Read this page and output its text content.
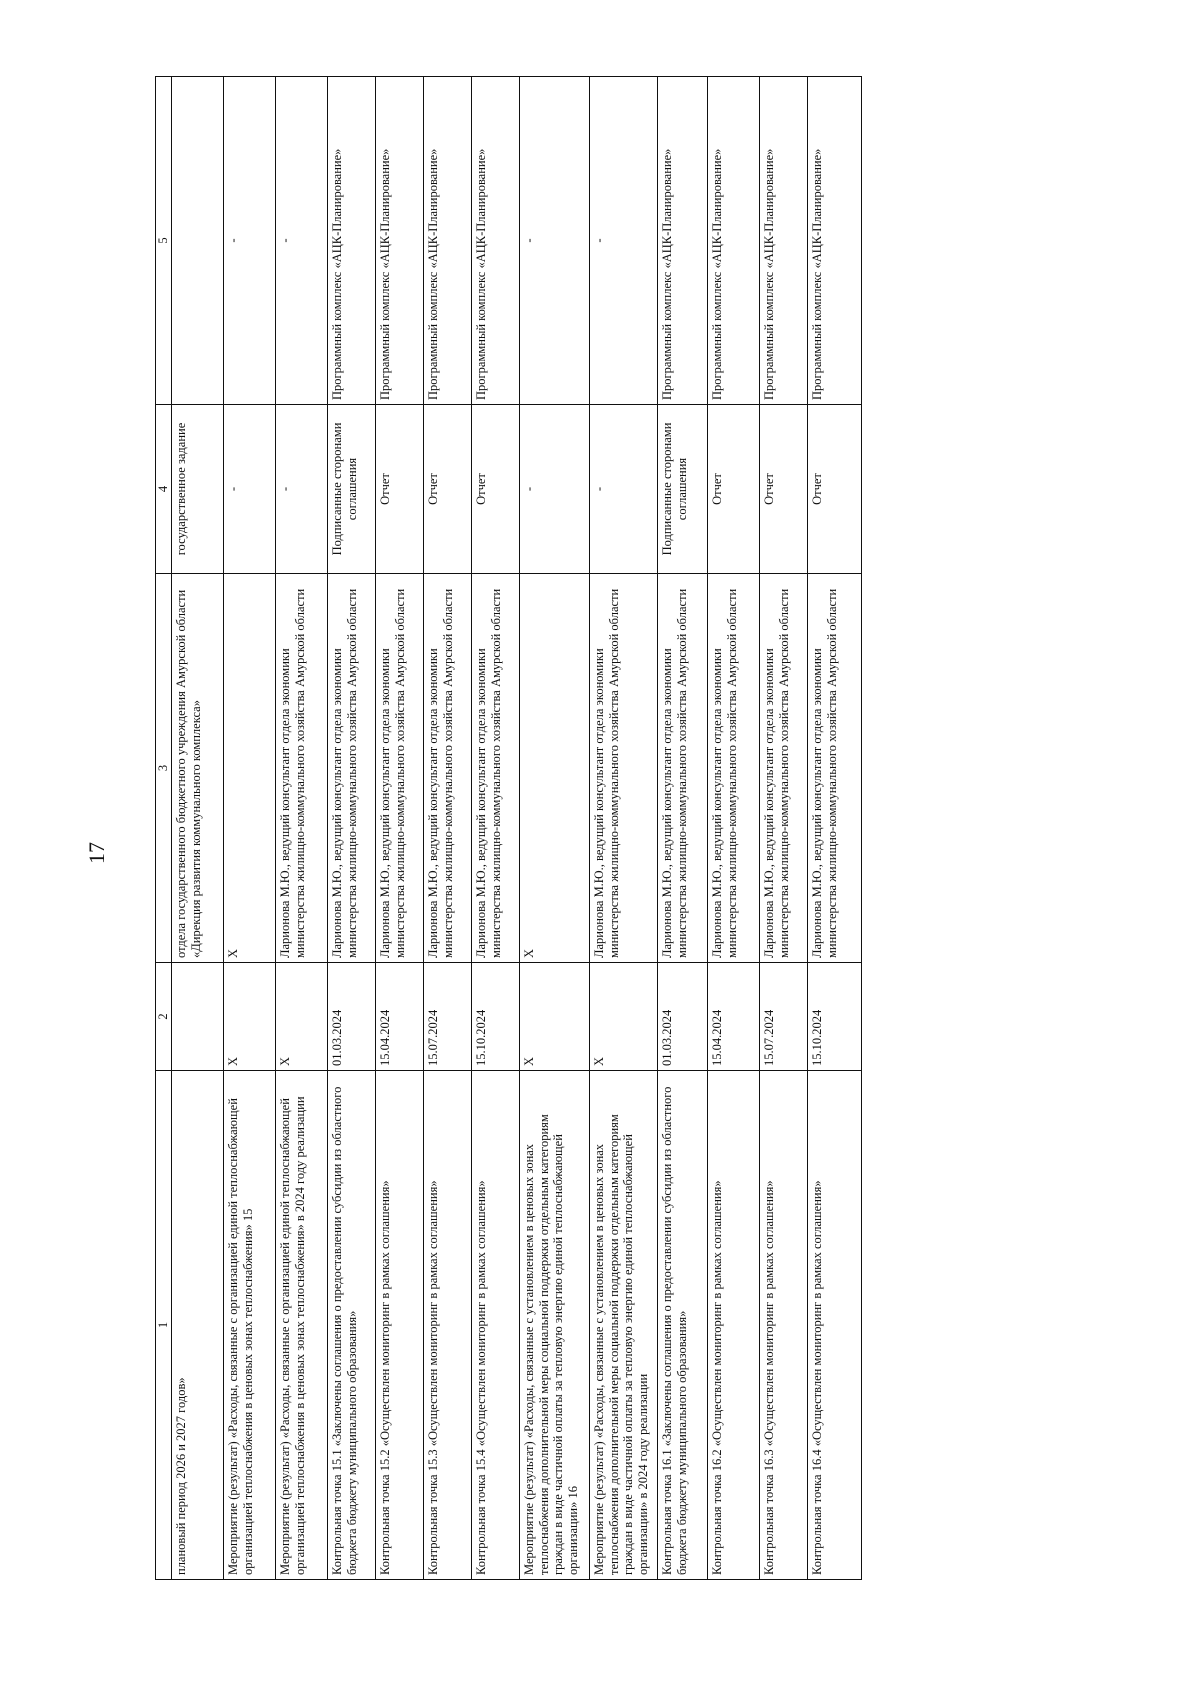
17
1	2	3	4	5
плановый период 2026 и 2027 годов»		отдела государственного бюджетного учреждения Амурской области «Дирекция развития коммунального комплекса»	государственное задание	
Мероприятие (результат) «Расходы, связанные с организацией единой теплоснабжающей организацией теплоснабжения в ценовых зонах теплоснабжения» 15	X	X	-	-
Мероприятие (результат) «Расходы, связанные с организацией единой теплоснабжающей организацией теплоснабжения в ценовых зонах теплоснабжения» в 2024 году реализации	X	Ларионова М.Ю., ведущий консультант отдела экономики министерства жилищно-коммунального хозяйства Амурской области	-	-
Контрольная точка 15.1 «Заключены соглашения о предоставлении субсидии из областного бюджета бюджету муниципального образования»	01.03.2024	Ларионова М.Ю., ведущий консультант отдела экономики министерства жилищно-коммунального хозяйства Амурской области	Подписанные сторонами соглашения	Программный комплекс «АЦК-Планирование»
Контрольная точка 15.2 «Осуществлен мониторинг в рамках соглашения»	15.04.2024	Ларионова М.Ю., ведущий консультант отдела экономики министерства жилищно-коммунального хозяйства Амурской области	Отчет	Программный комплекс «АЦК-Планирование»
Контрольная точка 15.3 «Осуществлен мониторинг в рамках соглашения»	15.07.2024	Ларионова М.Ю., ведущий консультант отдела экономики министерства жилищно-коммунального хозяйства Амурской области	Отчет	Программный комплекс «АЦК-Планирование»
Контрольная точка 15.4 «Осуществлен мониторинг в рамках соглашения»	15.10.2024	Ларионова М.Ю., ведущий консультант отдела экономики министерства жилищно-коммунального хозяйства Амурской области	Отчет	Программный комплекс «АЦК-Планирование»
Мероприятие (результат) «Расходы, связанные с установлением в ценовых зонах теплоснабжения дополнительной меры социальной поддержки отдельным категориям граждан в виде частичной оплаты за тепловую энергию единой теплоснабжающей организации» 16	X	X	-	-
Мероприятие (результат) «Расходы, связанные с установлением в ценовых зонах теплоснабжения дополнительной меры социальной поддержки отдельным категориям граждан в виде частичной оплаты за тепловую энергию единой теплоснабжающей организации» в 2024 году реализации	X	Ларионова М.Ю., ведущий консультант отдела экономики министерства жилищно-коммунального хозяйства Амурской области	-	-
Контрольная точка 16.1 «Заключены соглашения о предоставлении субсидии из областного бюджета бюджету муниципального образования»	01.03.2024	Ларионова М.Ю., ведущий консультант отдела экономики министерства жилищно-коммунального хозяйства Амурской области	Подписанные сторонами соглашения	Программный комплекс «АЦК-Планирование»
Контрольная точка 16.2 «Осуществлен мониторинг в рамках соглашения»	15.04.2024	Ларионова М.Ю., ведущий консультант отдела экономики министерства жилищно-коммунального хозяйства Амурской области	Отчет	Программный комплекс «АЦК-Планирование»
Контрольная точка 16.3 «Осуществлен мониторинг в рамках соглашения»	15.07.2024	Ларионова М.Ю., ведущий консультант отдела экономики министерства жилищно-коммунального хозяйства Амурской области	Отчет	Программный комплекс «АЦК-Планирование»
Контрольная точка 16.4 «Осуществлен мониторинг в рамках соглашения»	15.10.2024	Ларионова М.Ю., ведущий консультант отдела экономики министерства жилищно-коммунального хозяйства Амурской области	Отчет	Программный комплекс «АЦК-Планирование»
